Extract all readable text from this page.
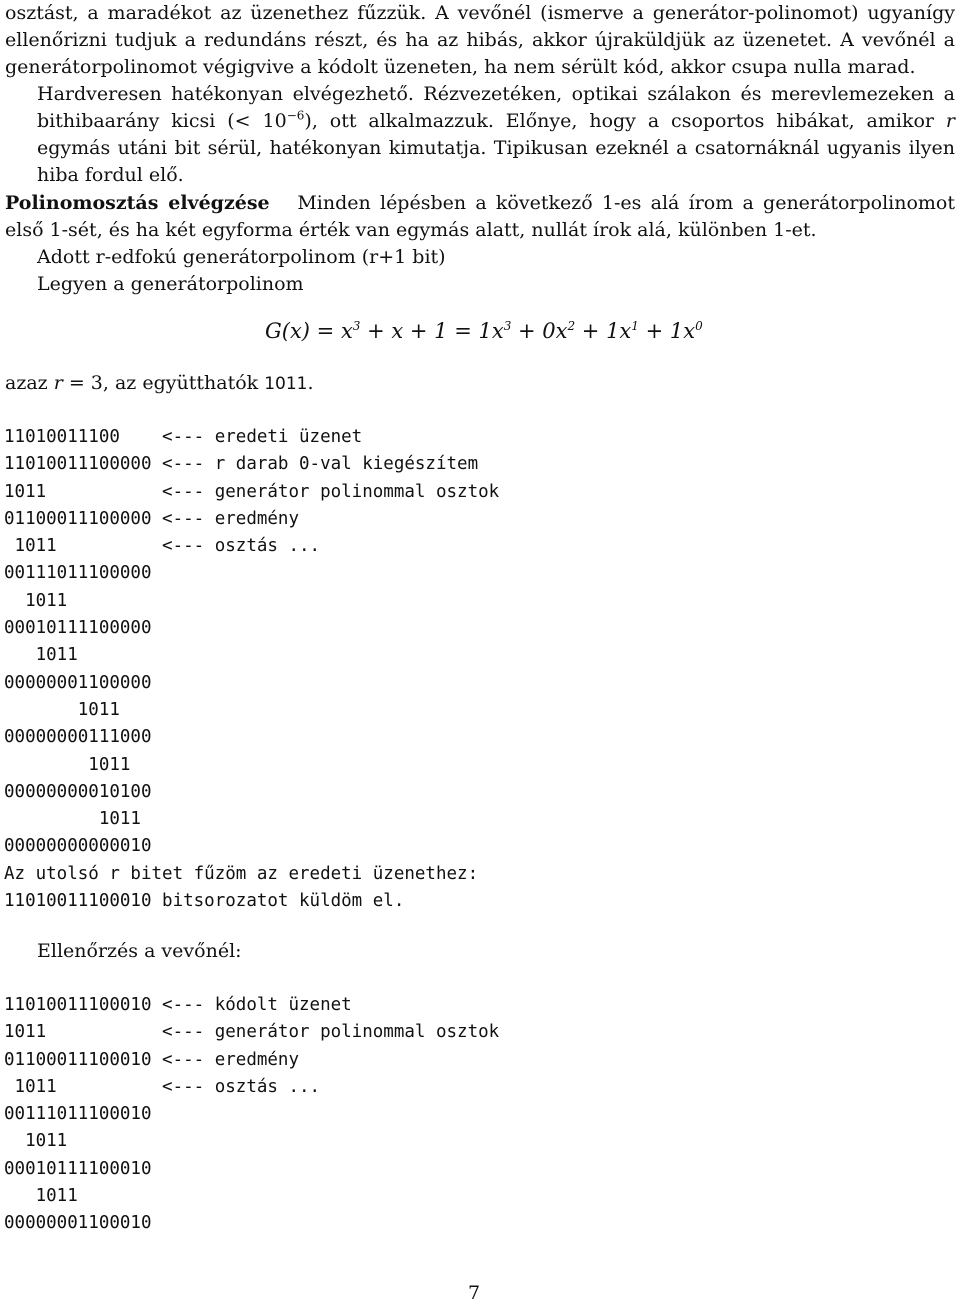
osztást, a maradékot az üzenethez fűzzük. A vevőnél (ismerve a generátor-polinomot) ugyanígy ellenőrizni tudjuk a redundáns részt, és ha az hibás, akkor újraküldjük az üzenetet. A vevőnél a generátorpolinomot végigvive a kódolt üzeneten, ha nem sérült kód, akkor csupa nulla marad.

Hardveresen hatékonyan elvégezhető. Rézvezetéken, optikai szálakon és merevlemezeken a bithibaarány kicsi (< $10^{-6}$), ott alkalmazzuk. Előnye, hogy a csoportos hibákat, amikor r egymás utáni bit sérül, hatékonyan kimutatja. Tipikusan ezeknél a csatornáknál ugyanis ilyen hiba fordul elő.

Polinomosztás elvégzése Minden lépésben a következő 1-es alá írom a generátorpolinomot első 1-sét, és ha két egyforma érték van egymás alatt, nullát írok alá, különben 1-et.

Adott r-edfokú generátorpolinom (r+1 bit)

Legyen a generátorpolinom

$G(x) = x^3 + x + 1 = 1x^3 + 0x^2 + 1x^1 + 1x^0$

azaz r = 3, az együtthatók 1011.

11010011100    <--- eredeti üzenet
11010011100000 <--- r darab 0-val kiegészítem
1011           <--- generátor polinommal osztok
01100011100000 <--- eredmény
1011          <--- osztás ...
00111011100000
1011
00010111100000
1011
00000001100000
1011
00000000111000
1011
00000000010100
1011
00000000000010
Az utolsó r bitet fűzöm az eredeti üzenethez:
11010011100010 bitsorozatot küldöm el.

Ellenőrzés a vevőnél:

11010011100010 <--- kódolt üzenet
1011           <--- generátor polinommal osztok
01100011100010 <--- eredmény
1011          <--- osztás ...
00111011100010
1011
00010111100010
1011
00000001100010
7
